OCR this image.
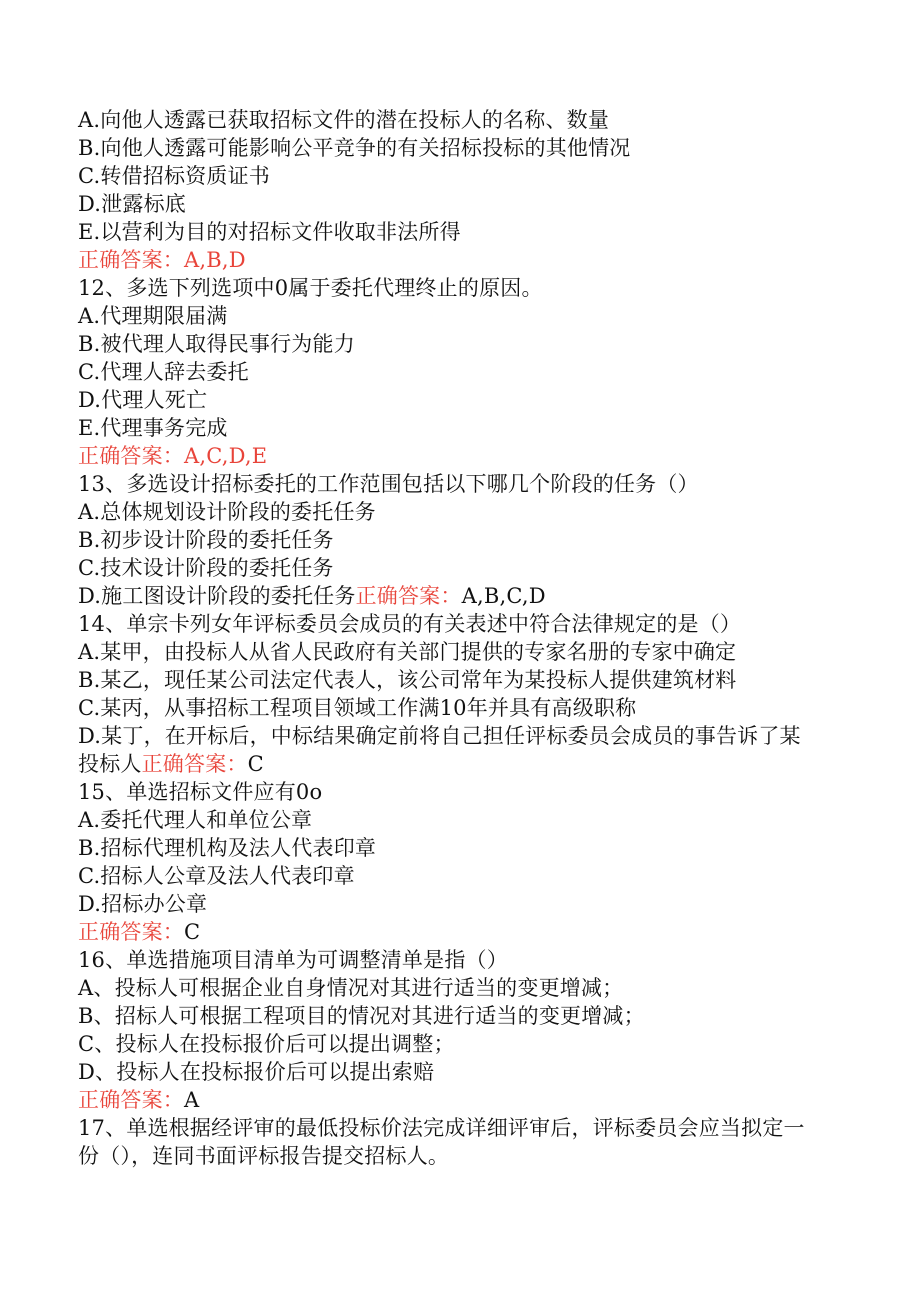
A.向他人透露已获取招标文件的潜在投标人的名称、数量
B.向他人透露可能影响公平竞争的有关招标投标的其他情况
C.转借招标资质证书
D.泄露标底
E.以营利为目的对招标文件收取非法所得
正确答案：A,B,D
12、多选下列选项中0属于委托代理终止的原因。
A.代理期限届满
B.被代理人取得民事行为能力
C.代理人辞去委托
D.代理人死亡
E.代理事务完成
正确答案：A,C,D,E
13、多选设计招标委托的工作范围包括以下哪几个阶段的任务（）
A.总体规划设计阶段的委托任务
B.初步设计阶段的委托任务
C.技术设计阶段的委托任务
D.施工图设计阶段的委托任务正确答案：A,B,C,D
14、单宗卡列女年评标委员会成员的有关表述中符合法律规定的是（）
A.某甲，由投标人从省人民政府有关部门提供的专家名册的专家中确定
B.某乙，现任某公司法定代表人，该公司常年为某投标人提供建筑材料
C.某丙，从事招标工程项目领域工作满10年并具有高级职称
D.某丁，在开标后，中标结果确定前将自己担任评标委员会成员的事告诉了某
投标人正确答案：C
15、单选招标文件应有0o
A.委托代理人和单位公章
B.招标代理机构及法人代表印章
C.招标人公章及法人代表印章
D.招标办公章
正确答案：C
16、单选措施项目清单为可调整清单是指（）
A、投标人可根据企业自身情况对其进行适当的变更增减；
B、招标人可根据工程项目的情况对其进行适当的变更增减；
C、投标人在投标报价后可以提出调整；
D、投标人在投标报价后可以提出索赔
正确答案：A
17、单选根据经评审的最低投标价法完成详细评审后，评标委员会应当拟定一
份（），连同书面评标报告提交招标人。
